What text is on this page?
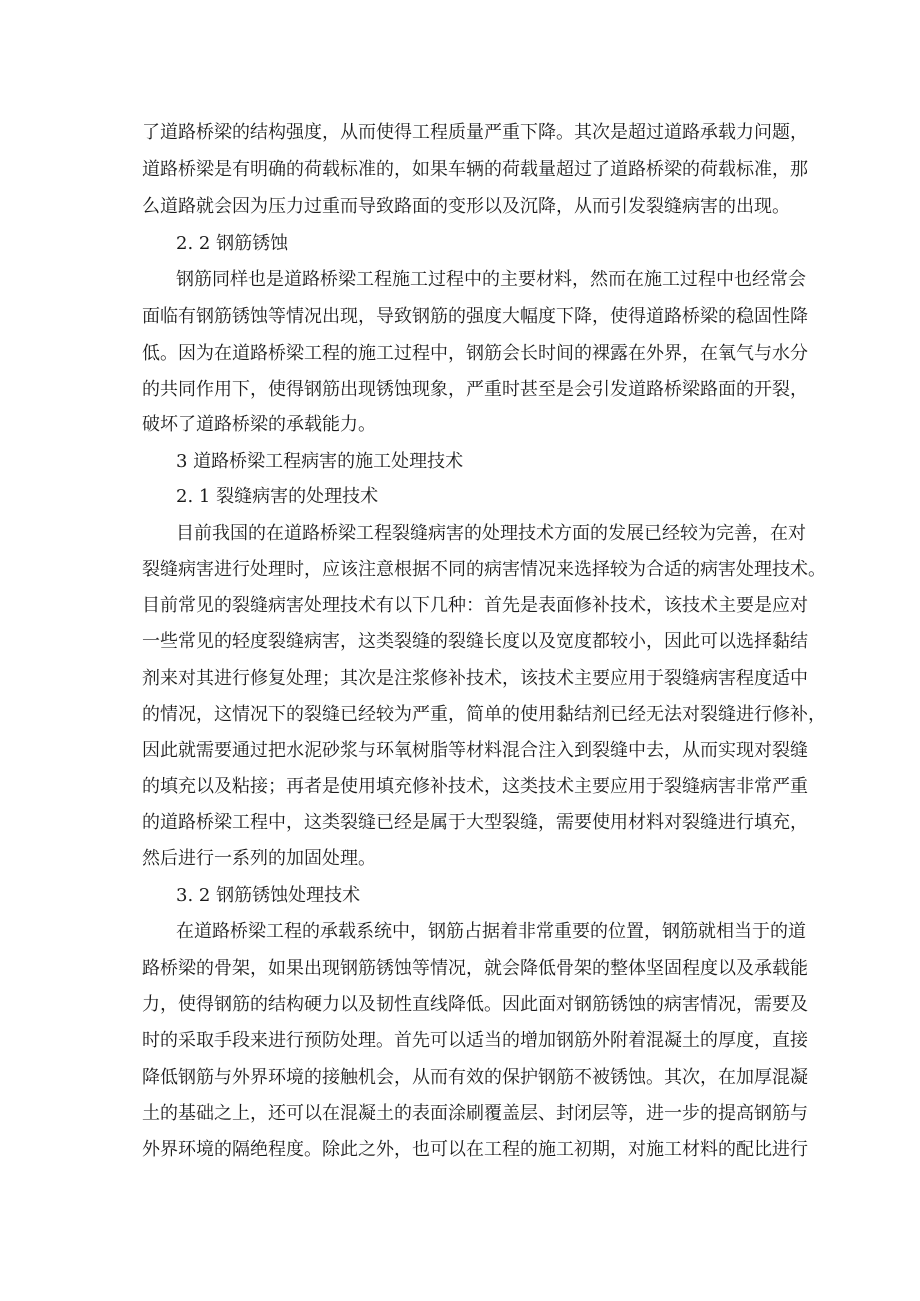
了道路桥梁的结构强度，从而使得工程质量严重下降。其次是超过道路承载力问题，
道路桥梁是有明确的荷载标准的，如果车辆的荷载量超过了道路桥梁的荷载标准，那
么道路就会因为压力过重而导致路面的变形以及沉降，从而引发裂缝病害的出现。
2. 2 钢筋锈蚀
钢筋同样也是道路桥梁工程施工过程中的主要材料，然而在施工过程中也经常会
面临有钢筋锈蚀等情况出现，导致钢筋的强度大幅度下降，使得道路桥梁的稳固性降
低。因为在道路桥梁工程的施工过程中，钢筋会长时间的裸露在外界，在氧气与水分
的共同作用下，使得钢筋出现锈蚀现象，严重时甚至是会引发道路桥梁路面的开裂，
破坏了道路桥梁的承载能力。
3 道路桥梁工程病害的施工处理技术
2. 1 裂缝病害的处理技术
目前我国的在道路桥梁工程裂缝病害的处理技术方面的发展已经较为完善，在对
裂缝病害进行处理时，应该注意根据不同的病害情况来选择较为合适的病害处理技术。
目前常见的裂缝病害处理技术有以下几种：首先是表面修补技术，该技术主要是应对
一些常见的轻度裂缝病害，这类裂缝的裂缝长度以及宽度都较小，因此可以选择黏结
剂来对其进行修复处理；其次是注浆修补技术，该技术主要应用于裂缝病害程度适中
的情况，这情况下的裂缝已经较为严重，简单的使用黏结剂已经无法对裂缝进行修补，
因此就需要通过把水泥砂浆与环氧树脂等材料混合注入到裂缝中去，从而实现对裂缝
的填充以及粘接；再者是使用填充修补技术，这类技术主要应用于裂缝病害非常严重
的道路桥梁工程中，这类裂缝已经是属于大型裂缝，需要使用材料对裂缝进行填充，
然后进行一系列的加固处理。
3. 2 钢筋锈蚀处理技术
在道路桥梁工程的承载系统中，钢筋占据着非常重要的位置，钢筋就相当于的道
路桥梁的骨架，如果出现钢筋锈蚀等情况，就会降低骨架的整体坚固程度以及承载能
力，使得钢筋的结构硬力以及韧性直线降低。因此面对钢筋锈蚀的病害情况，需要及
时的采取手段来进行预防处理。首先可以适当的增加钢筋外附着混凝土的厚度，直接
降低钢筋与外界环境的接触机会，从而有效的保护钢筋不被锈蚀。其次，在加厚混凝
土的基础之上，还可以在混凝土的表面涂刷覆盖层、封闭层等，进一步的提高钢筋与
外界环境的隔绝程度。除此之外，也可以在工程的施工初期，对施工材料的配比进行
